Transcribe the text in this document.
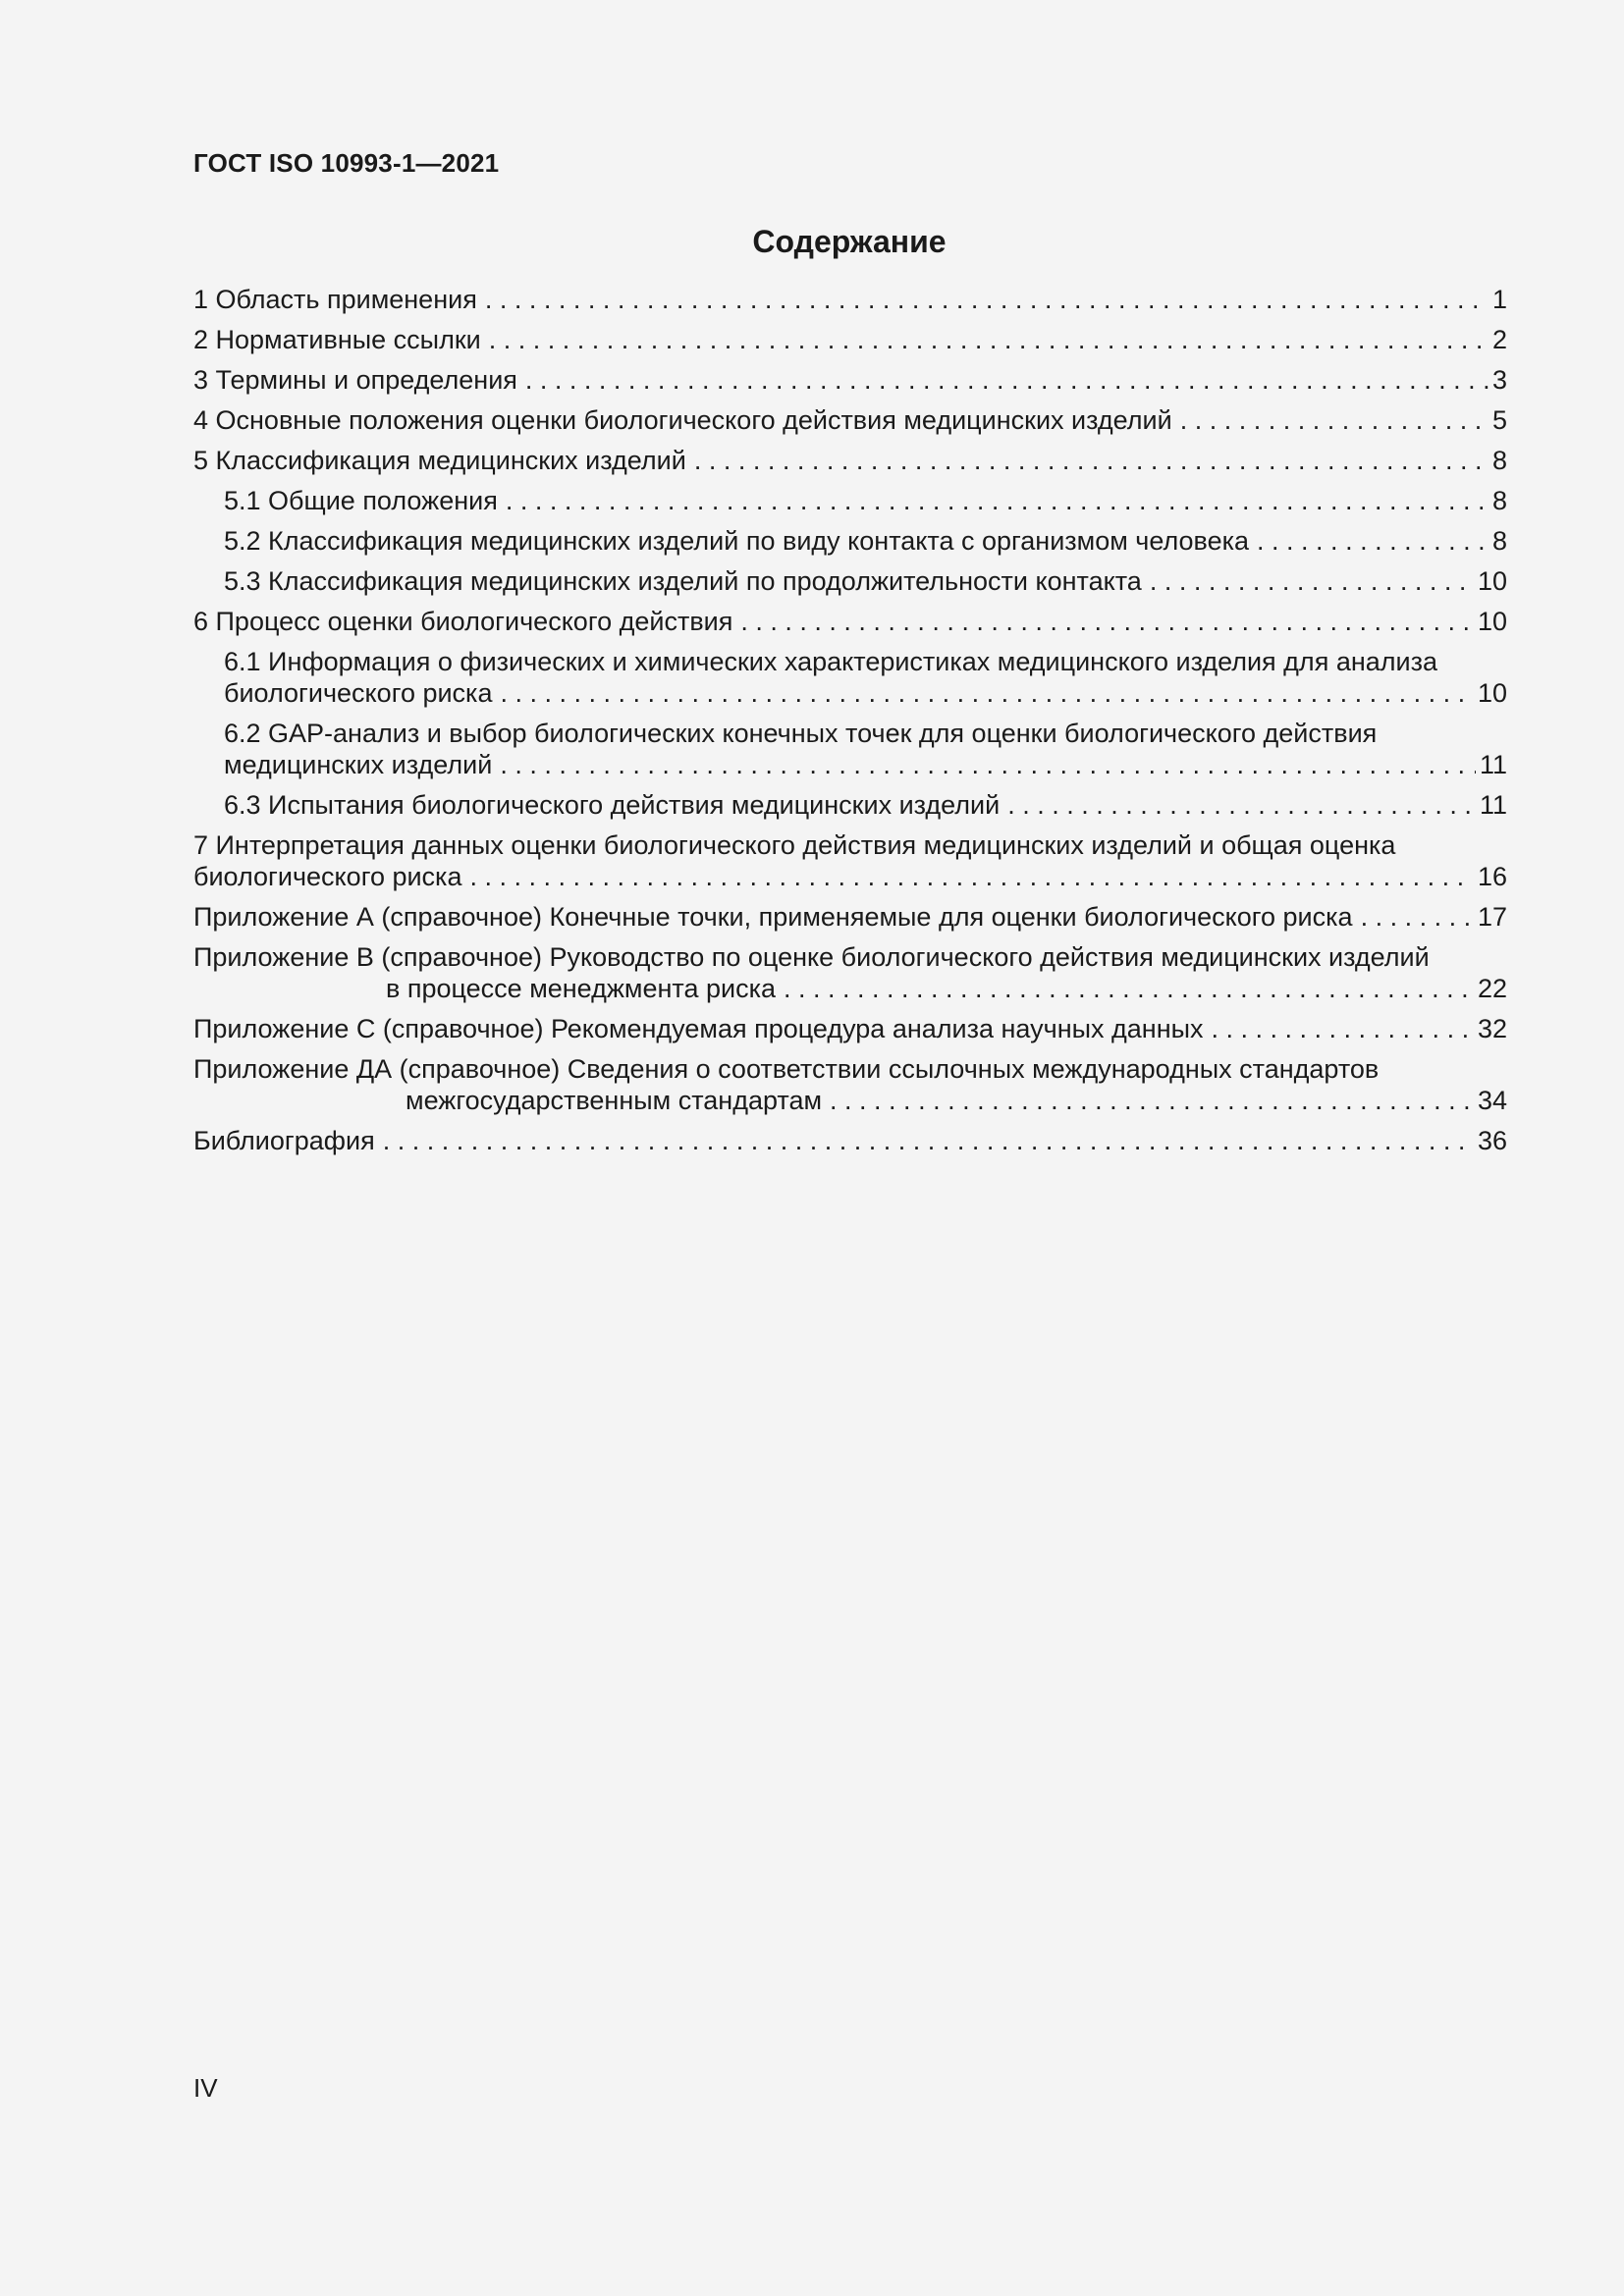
ГОСТ ISO 10993-1—2021
Содержание
1 Область применения . . .	1
2 Нормативные ссылки . . .	2
3 Термины и определения . . .	3
4 Основные положения оценки биологического действия медицинских изделий . . .	5
5 Классификация медицинских изделий . . .	8
5.1 Общие положения . . .	8
5.2 Классификация медицинских изделий по виду контакта с организмом человека . . .	8
5.3 Классификация медицинских изделий по продолжительности контакта . . .	10
6 Процесс оценки биологического действия . . .	10
6.1 Информация о физических и химических характеристиках медицинского изделия для анализа
биологического риска . . .	10
6.2 GAP-анализ и выбор биологических конечных точек для оценки биологического действия
медицинских изделий . . .	11
6.3 Испытания биологического действия медицинских изделий . . .	11
7 Интерпретация данных оценки биологического действия медицинских изделий и общая оценка
биологического риска . . .	16
Приложение А (справочное) Конечные точки, применяемые для оценки биологического риска . . .	17
Приложение В (справочное) Руководство по оценке биологического действия медицинских изделий
в процессе менеджмента риска . . .	22
Приложение С (справочное) Рекомендуемая процедура анализа научных данных . . .	32
Приложение ДА (справочное) Сведения о соответствии ссылочных международных стандартов
межгосударственным стандартам . . .	34
Библиография . . .	36
IV
